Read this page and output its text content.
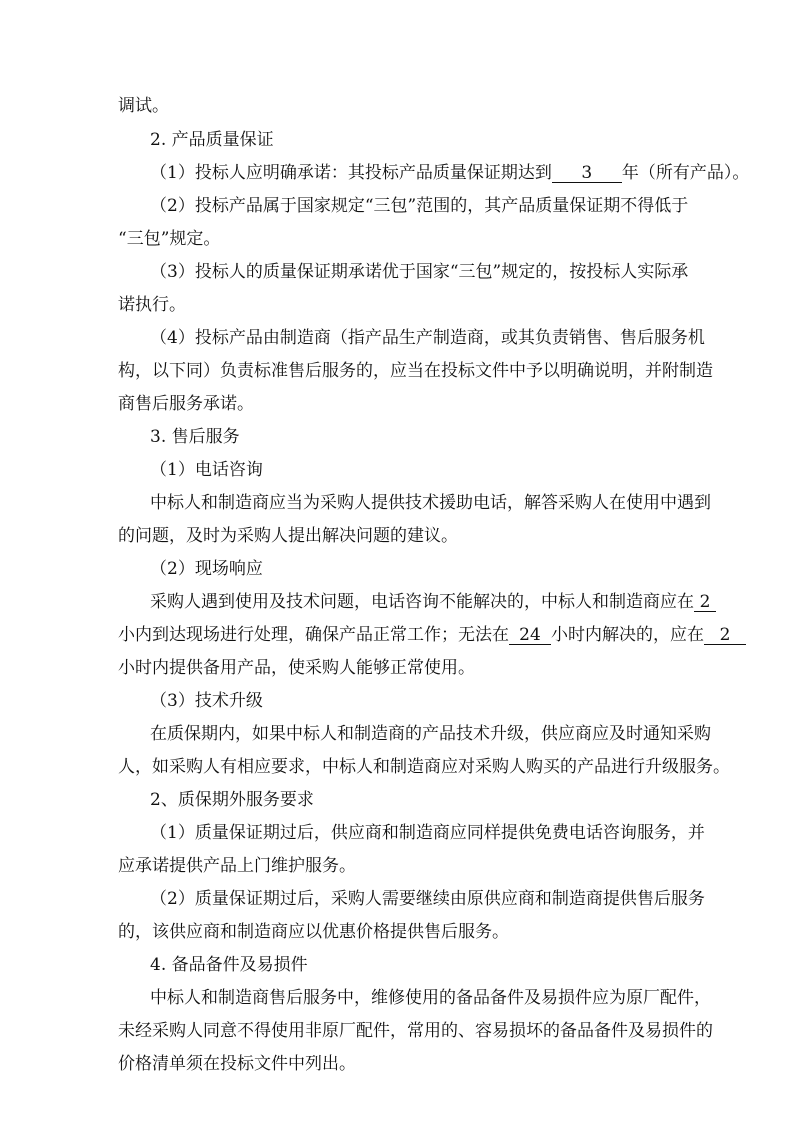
调试。
2. 产品质量保证
（1）投标人应明确承诺：其投标产品质量保证期达到 3 年（所有产品）。
（2）投标产品属于国家规定“三包”范围的，其产品质量保证期不得低于
“三包”规定。
（3）投标人的质量保证期承诺优于国家“三包”规定的，按投标人实际承
诺执行。
（4）投标产品由制造商（指产品生产制造商，或其负责销售、售后服务机
构，以下同）负责标准售后服务的，应当在投标文件中予以明确说明，并附制造
商售后服务承诺。
3. 售后服务
（1）电话咨询
中标人和制造商应当为采购人提供技术援助电话，解答采购人在使用中遇到
的问题，及时为采购人提出解决问题的建议。
（2）现场响应
采购人遇到使用及技术问题，电话咨询不能解决的，中标人和制造商应在 2
小内到达现场进行处理，确保产品正常工作；无法在 24 小时内解决的，应在 2
小时内提供备用产品，使采购人能够正常使用。
（3）技术升级
在质保期内，如果中标人和制造商的产品技术升级，供应商应及时通知采购
人，如采购人有相应要求，中标人和制造商应对采购人购买的产品进行升级服务。
2、质保期外服务要求
（1）质量保证期过后，供应商和制造商应同样提供免费电话咨询服务，并
应承诺提供产品上门维护服务。
（2）质量保证期过后，采购人需要继续由原供应商和制造商提供售后服务
的，该供应商和制造商应以优惠价格提供售后服务。
4. 备品备件及易损件
中标人和制造商售后服务中，维修使用的备品备件及易损件应为原厂配件，
未经采购人同意不得使用非原厂配件，常用的、容易损坏的备品备件及易损件的
价格清单须在投标文件中列出。
